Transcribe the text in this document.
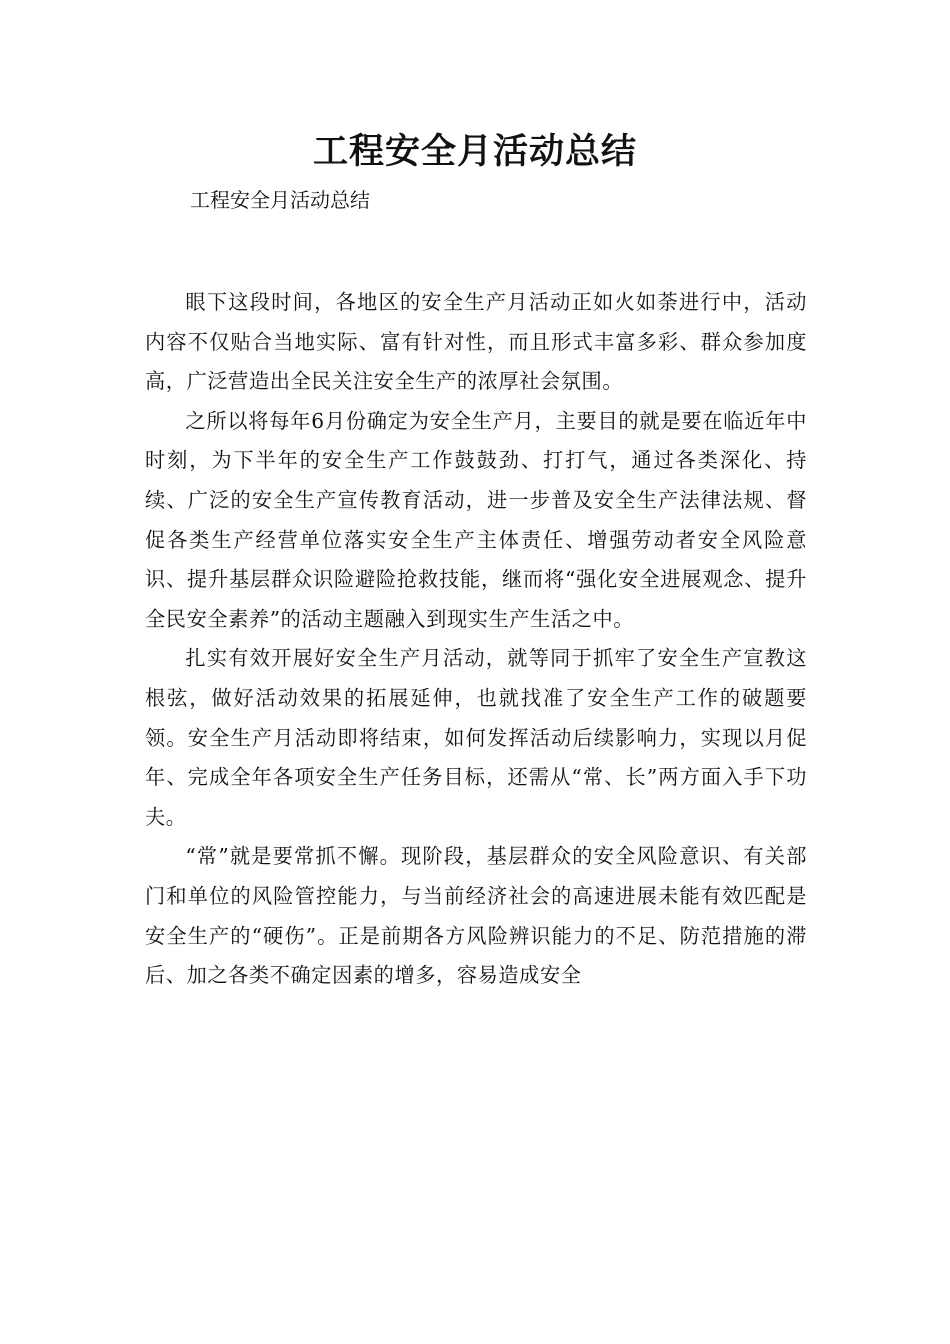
工程安全月活动总结

工程安全月活动总结

眼下这段时间，各地区的安全生产月活动正如火如荼进行中，活动内容不仅贴合当地实际、富有针对性，而且形式丰富多彩、群众参加度高，广泛营造出全民关注安全生产的浓厚社会氛围。

之所以将每年6月份确定为安全生产月，主要目的就是要在临近年中时刻，为下半年的安全生产工作鼓鼓劲、打打气，通过各类深化、持续、广泛的安全生产宣传教育活动，进一步普及安全生产法律法规、督促各类生产经营单位落实安全生产主体责任、增强劳动者安全风险意识、提升基层群众识险避险抢救技能，继而将“强化安全进展观念、提升全民安全素养”的活动主题融入到现实生产生活之中。

扎实有效开展好安全生产月活动，就等同于抓牢了安全生产宣教这根弦，做好活动效果的拓展延伸，也就找准了安全生产工作的破题要领。安全生产月活动即将结束，如何发挥活动后续影响力，实现以月促年、完成全年各项安全生产任务目标，还需从“常、长”两方面入手下功夫。

“常”就是要常抓不懈。现阶段，基层群众的安全风险意识、有关部门和单位的风险管控能力，与当前经济社会的高速进展未能有效匹配是安全生产的“硬伤”。正是前期各方风险辨识能力的不足、防范措施的滞后、加之各类不确定因素的增多，容易造成安全
